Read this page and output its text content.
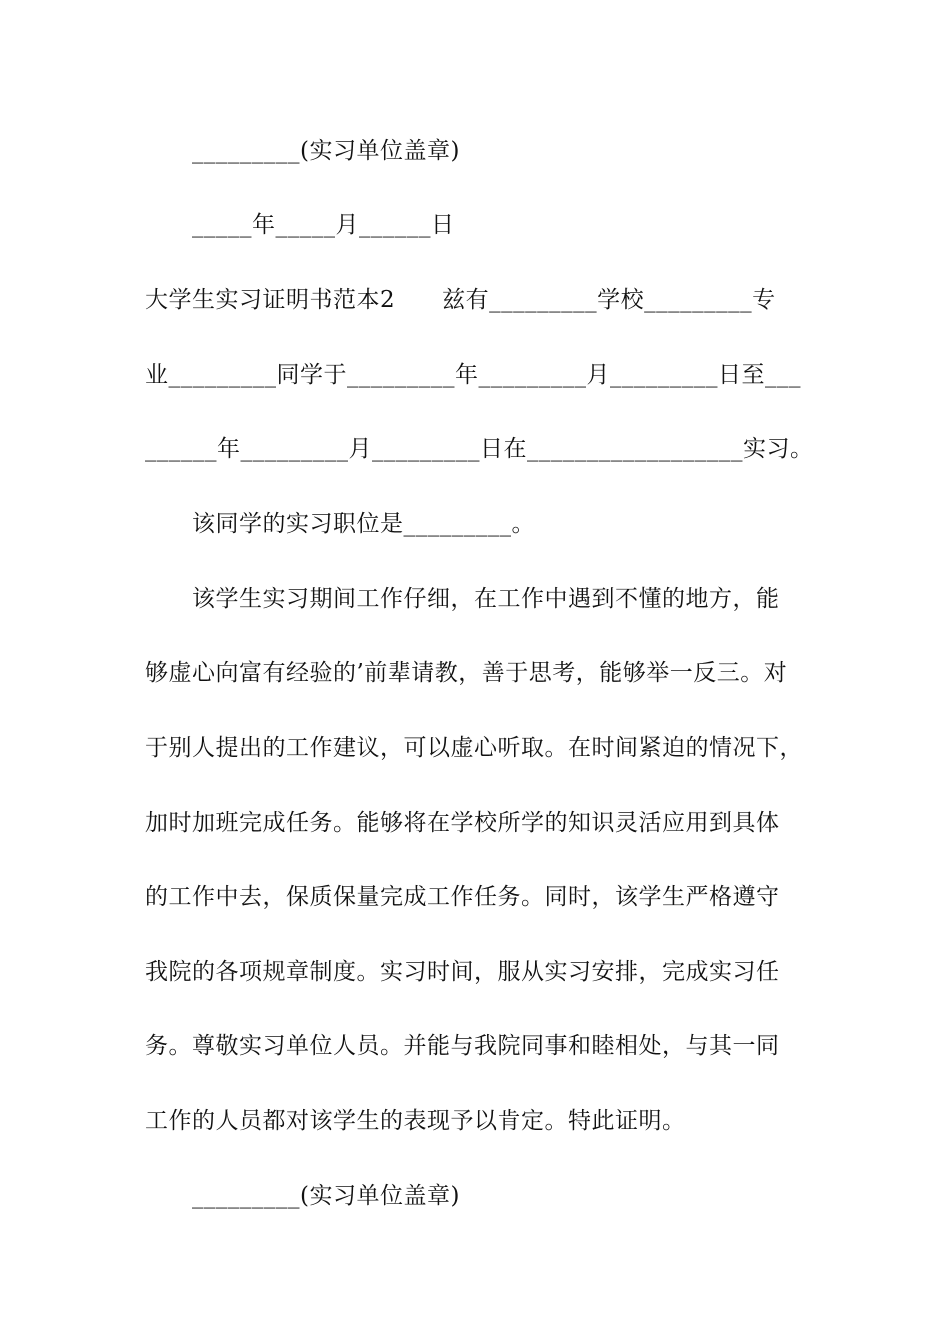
_________(实习单位盖章)
_____年_____月______日
大学生实习证明书范本2　　兹有_________学校_________专
业_________同学于_________年_________月_________日至___
______年_________月_________日在__________________实习。
该同学的实习职位是_________。
该学生实习期间工作仔细，在工作中遇到不懂的地方，能
够虚心向富有经验的’前辈请教，善于思考，能够举一反三。对
于别人提出的工作建议，可以虚心听取。在时间紧迫的情况下，
加时加班完成任务。能够将在学校所学的知识灵活应用到具体
的工作中去，保质保量完成工作任务。同时，该学生严格遵守
我院的各项规章制度。实习时间，服从实习安排，完成实习任
务。尊敬实习单位人员。并能与我院同事和睦相处，与其一同
工作的人员都对该学生的表现予以肯定。特此证明。
_________(实习单位盖章)
